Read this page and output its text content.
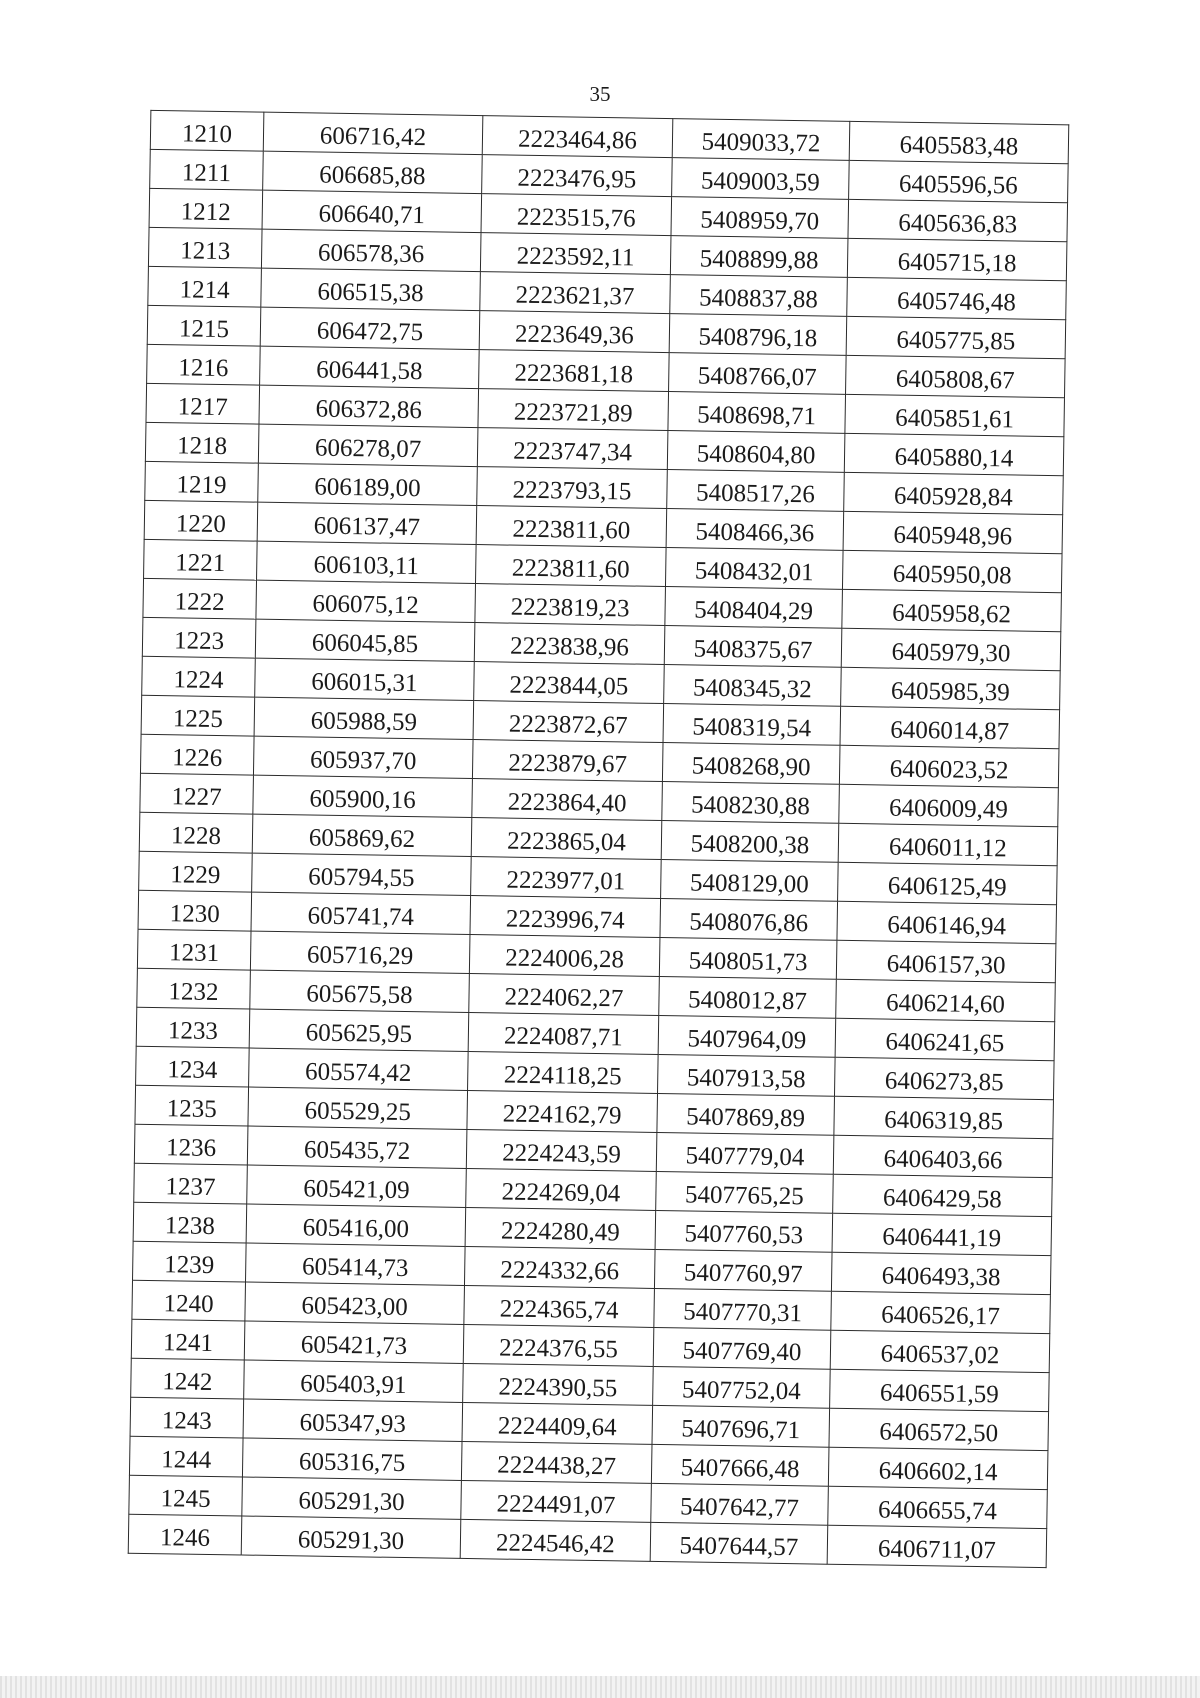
35
1210	606716,42	2223464,86	5409033,72	6405583,48
1211	606685,88	2223476,95	5409003,59	6405596,56
1212	606640,71	2223515,76	5408959,70	6405636,83
1213	606578,36	2223592,11	5408899,88	6405715,18
1214	606515,38	2223621,37	5408837,88	6405746,48
1215	606472,75	2223649,36	5408796,18	6405775,85
1216	606441,58	2223681,18	5408766,07	6405808,67
1217	606372,86	2223721,89	5408698,71	6405851,61
1218	606278,07	2223747,34	5408604,80	6405880,14
1219	606189,00	2223793,15	5408517,26	6405928,84
1220	606137,47	2223811,60	5408466,36	6405948,96
1221	606103,11	2223811,60	5408432,01	6405950,08
1222	606075,12	2223819,23	5408404,29	6405958,62
1223	606045,85	2223838,96	5408375,67	6405979,30
1224	606015,31	2223844,05	5408345,32	6405985,39
1225	605988,59	2223872,67	5408319,54	6406014,87
1226	605937,70	2223879,67	5408268,90	6406023,52
1227	605900,16	2223864,40	5408230,88	6406009,49
1228	605869,62	2223865,04	5408200,38	6406011,12
1229	605794,55	2223977,01	5408129,00	6406125,49
1230	605741,74	2223996,74	5408076,86	6406146,94
1231	605716,29	2224006,28	5408051,73	6406157,30
1232	605675,58	2224062,27	5408012,87	6406214,60
1233	605625,95	2224087,71	5407964,09	6406241,65
1234	605574,42	2224118,25	5407913,58	6406273,85
1235	605529,25	2224162,79	5407869,89	6406319,85
1236	605435,72	2224243,59	5407779,04	6406403,66
1237	605421,09	2224269,04	5407765,25	6406429,58
1238	605416,00	2224280,49	5407760,53	6406441,19
1239	605414,73	2224332,66	5407760,97	6406493,38
1240	605423,00	2224365,74	5407770,31	6406526,17
1241	605421,73	2224376,55	5407769,40	6406537,02
1242	605403,91	2224390,55	5407752,04	6406551,59
1243	605347,93	2224409,64	5407696,71	6406572,50
1244	605316,75	2224438,27	5407666,48	6406602,14
1245	605291,30	2224491,07	5407642,77	6406655,74
1246	605291,30	2224546,42	5407644,57	6406711,07
